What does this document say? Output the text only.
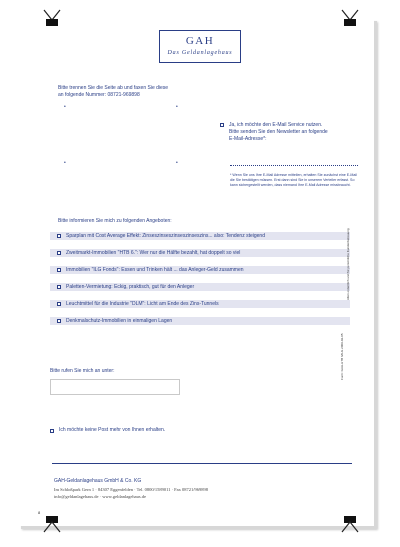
GAH
Das Geldanlagehaus
Bitte trennen Sie die Seite ab und faxen Sie diese
an folgende Nummer: 08721-969898
•	•
•	•
Ja, ich möchte den E-Mail Service nutzen.
Bitte senden Sie den Newsletter an folgende
E-Mail-Adresse*:
* Wenn Sie uns Ihre E-Mail Adresse mitteilen, erhalten Sie zunächst eine E-Mail die Sie bestätigen müssen. Erst dann sind Sie in unserem Verteiler erfasst. So kann sichergestellt werden, dass niemand Ihre E-Mail Adresse missbraucht.
Bitte informieren Sie mich zu folgenden Angeboten:
Sparplan mit Cost Average Effekt: Zinseszinseszinseszinseszins... also: Tendenz steigend
Zweitmarkt-Immobilien "HTB 6.": Wer nur die Hälfte bezahlt, hat doppelt so viel
Immobilien "ILG Fonds": Essen und Trinken hält ... das Anleger-Geld zusammen
Paletten-Vermietung: Eckig, praktisch, gut für den Anleger
Leuchtmittel für die Industrie "DLM": Licht am Ende des Zins-Tunnels
Denkmalschutz-Immobilien in einmaligen Lagen
Form: GAH-HTB 6/ILG 2009-02-05
Allen ordentlich und für persönliche Kundenbetreuung
Bitte rufen Sie mich an unter:
Ich möchte keine Post mehr von Ihnen erhalten.
GAH-Geldanlagehaus GmbH & Co. KG
Im Schloßpark Gern 1 · 84307 Eggenfelden · Tel. 0800/1589011 · Fax 08721/969898
info@geldanlagehaus.de · www.geldanlagehaus.de
8
